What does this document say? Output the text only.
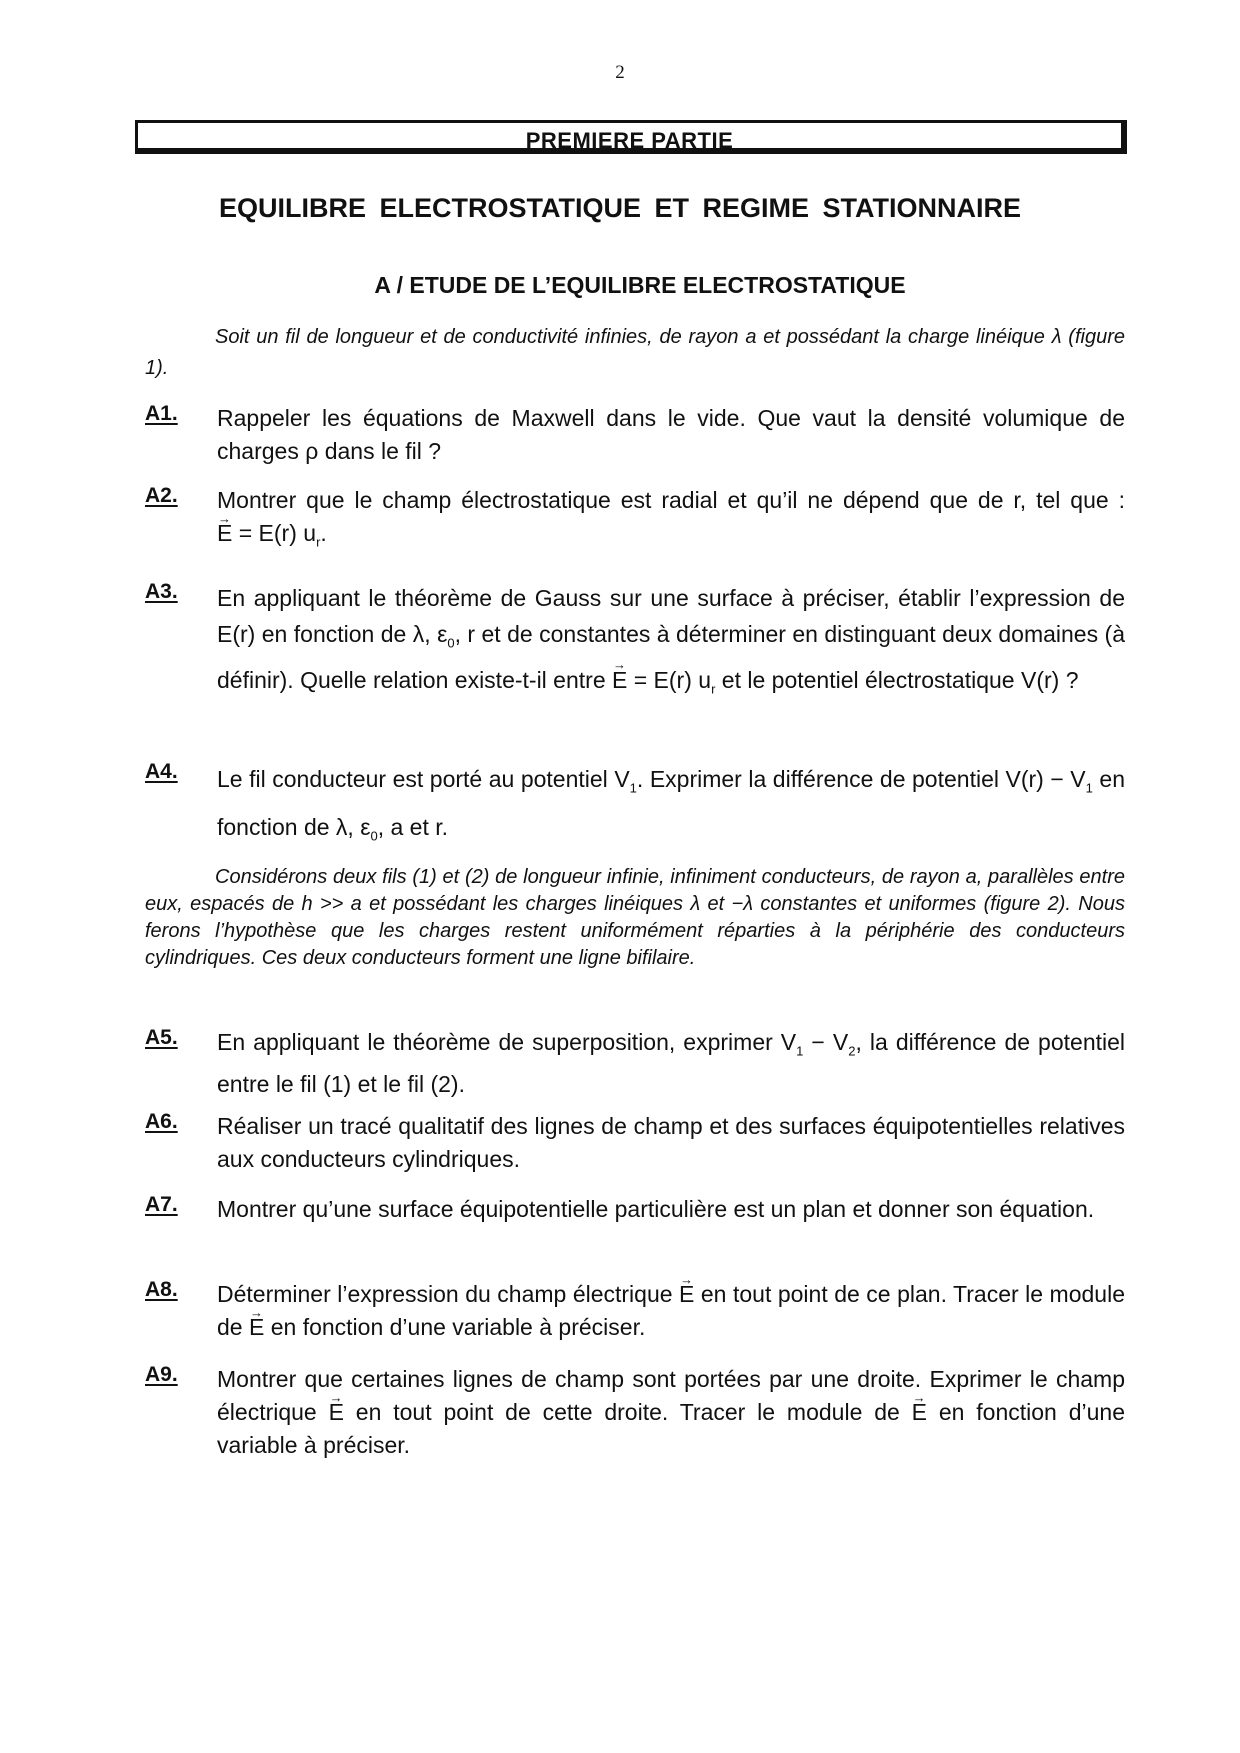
2
PREMIERE PARTIE
EQUILIBRE ELECTROSTATIQUE ET REGIME STATIONNAIRE
A / ETUDE DE L’EQUILIBRE ELECTROSTATIQUE
Soit un fil de longueur et de conductivité infinies, de rayon a et possédant la charge linéique λ (figure 1).
A1. Rappeler les équations de Maxwell dans le vide. Que vaut la densité volumique de charges ρ dans le fil ?
A2. Montrer que le champ électrostatique est radial et qu’il ne dépend que de r, tel que : → E = E(r) $u_r$.
A3. En appliquant le théorème de Gauss sur une surface à préciser, établir l’expression de E(r) en fonction de λ, $\varepsilon_0$, r et de constantes à déterminer en distinguant deux domaines (à définir). Quelle relation existe-t-il entre → E = E(r) $u_r$ et le potentiel électrostatique V(r) ?
A4. Le fil conducteur est porté au potentiel $V_1$. Exprimer la différence de potentiel $V(r) - V_1$ en fonction de λ, $\varepsilon_0$, a et r.
Considérons deux fils (1) et (2) de longueur infinie, infiniment conducteurs, de rayon a, parallèles entre eux, espacés de h >> a et possédant les charges linéiques λ et −λ constantes et uniformes (figure 2). Nous ferons l’hypothèse que les charges restent uniformément réparties à la périphérie des conducteurs cylindriques. Ces deux conducteurs forment une ligne bifilaire.
A5. En appliquant le théorème de superposition, exprimer $V_1 - V_2$, la différence de potentiel entre le fil (1) et le fil (2).
A6. Réaliser un tracé qualitatif des lignes de champ et des surfaces équipotentielles relatives aux conducteurs cylindriques.
A7. Montrer qu’une surface équipotentielle particulière est un plan et donner son équation.
A8. Déterminer l’expression du champ électrique → E en tout point de ce plan. Tracer le module de → E en fonction d’une variable à préciser.
A9. Montrer que certaines lignes de champ sont portées par une droite. Exprimer le champ électrique → E en tout point de cette droite. Tracer le module de → E en fonction d’une variable à préciser.
